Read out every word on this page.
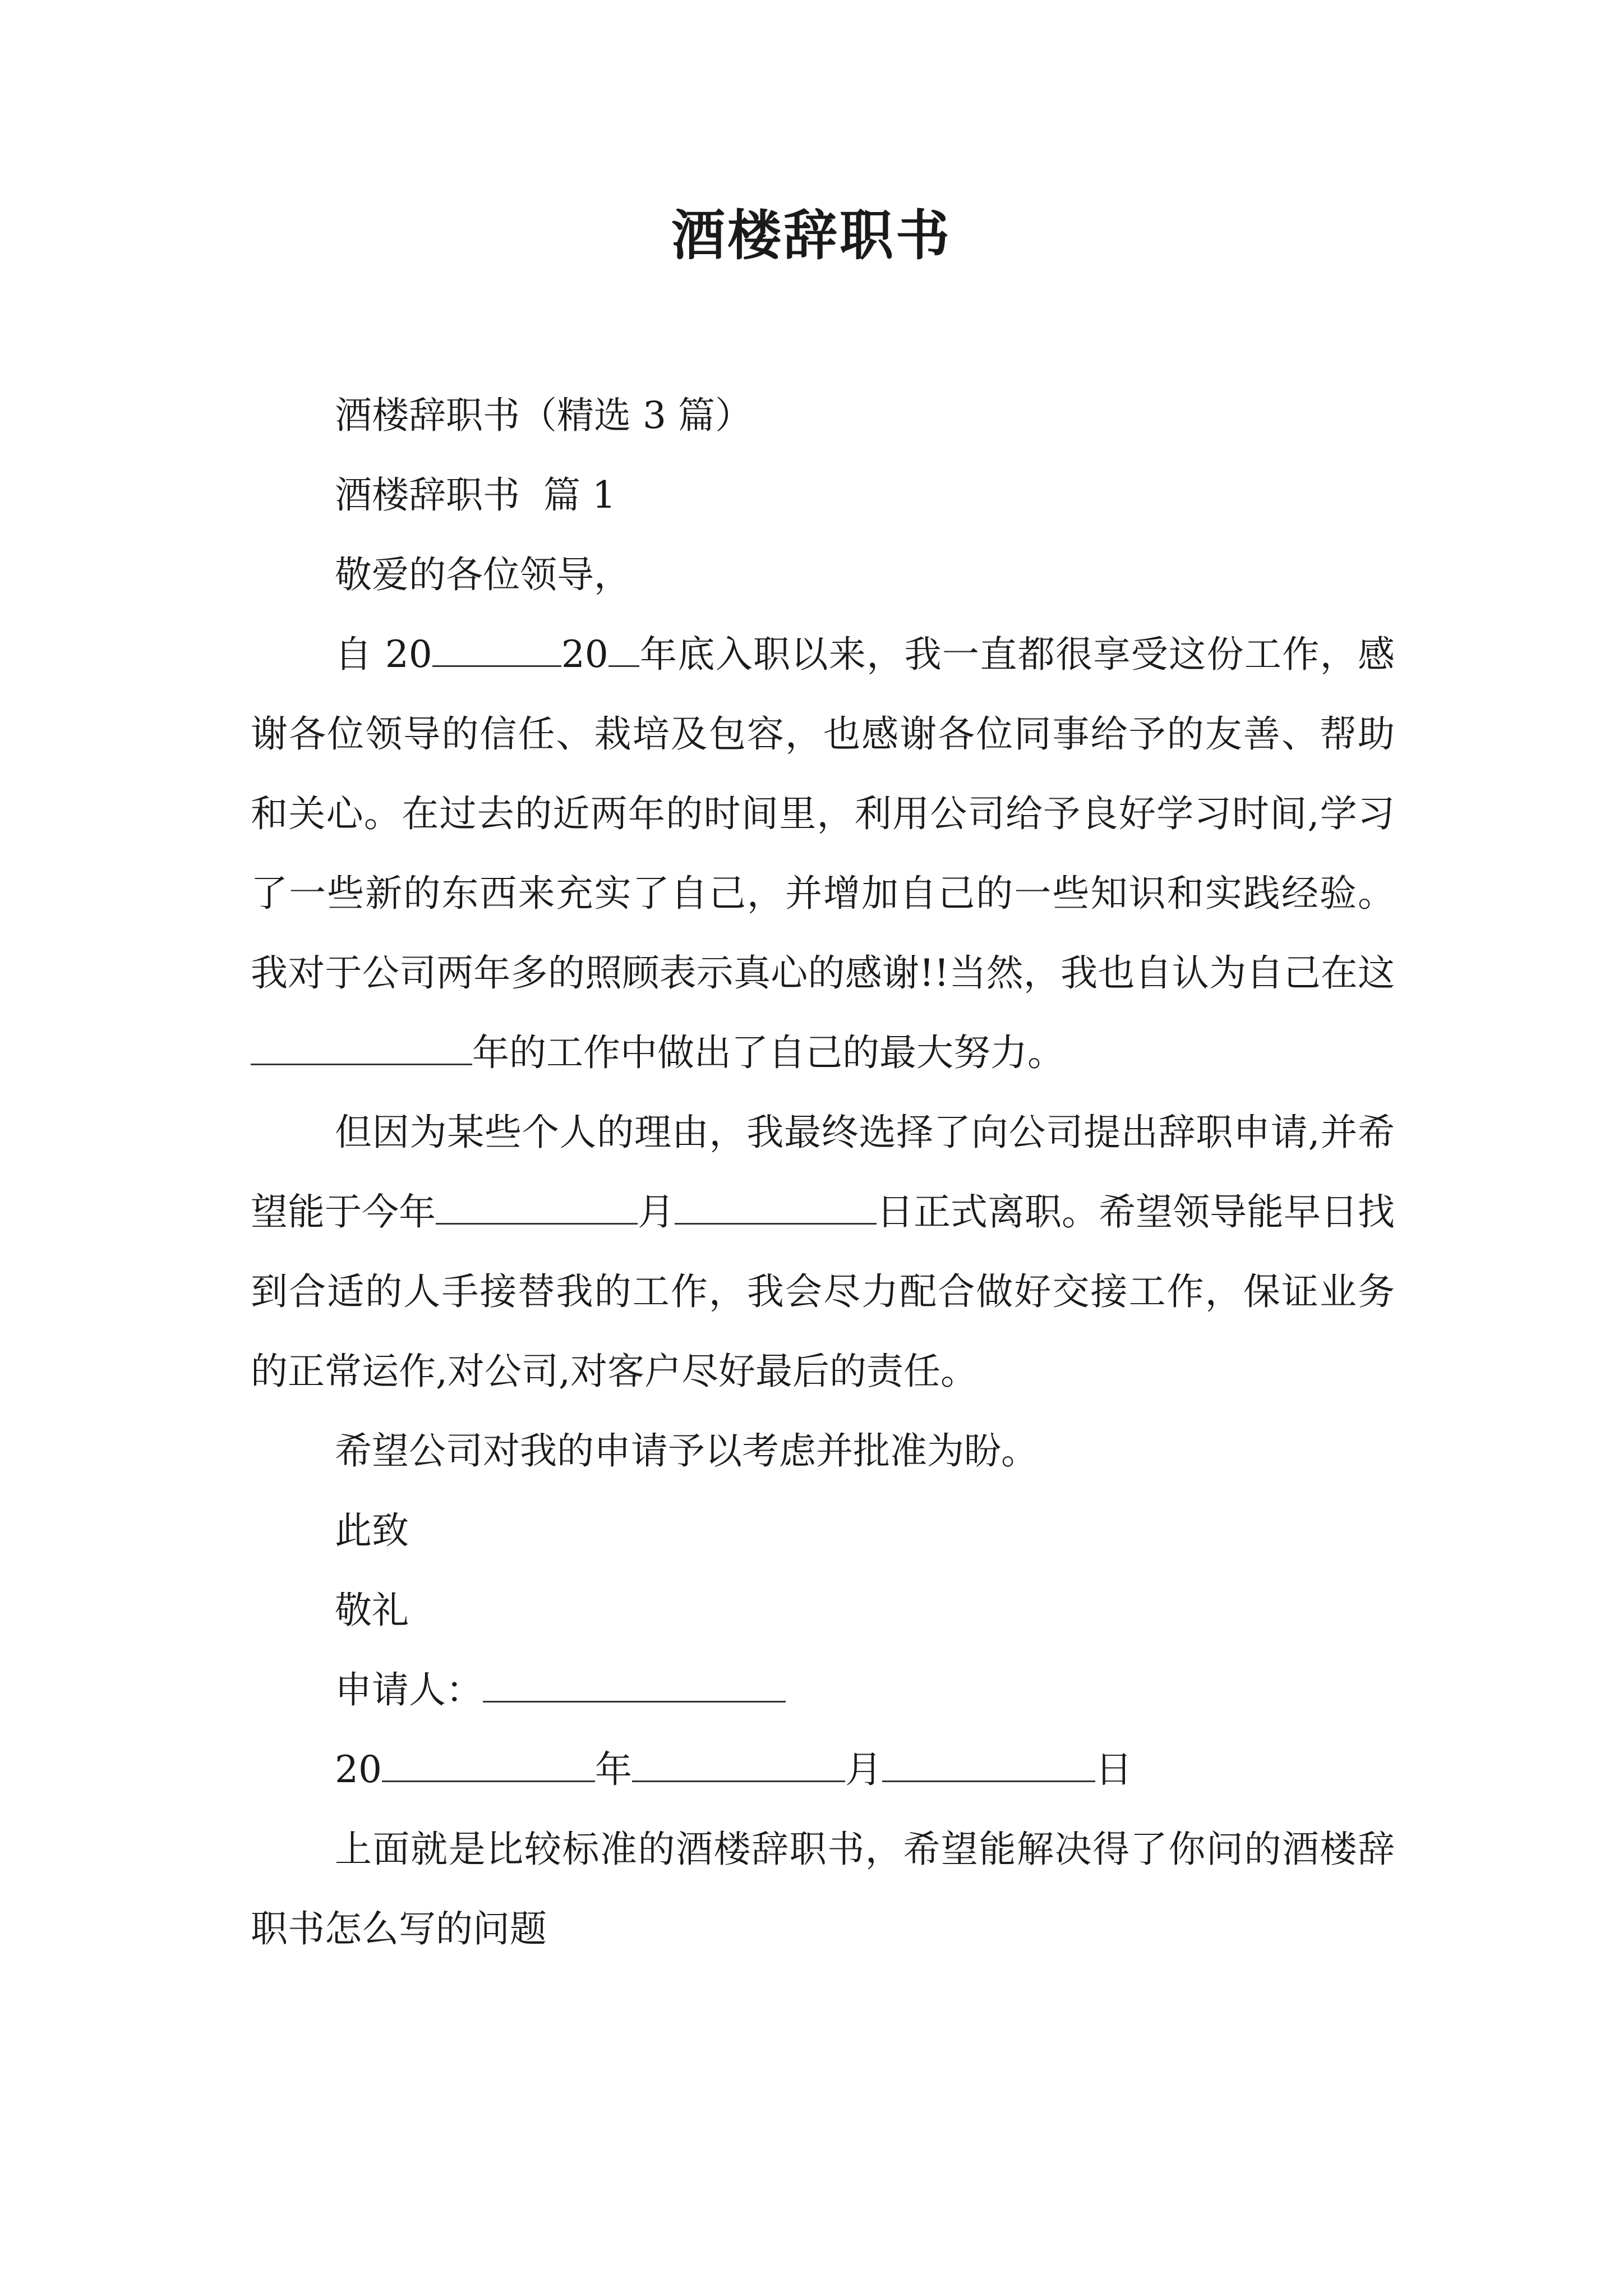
酒楼辞职书

酒楼辞职书（精选 3 篇）

酒楼辞职书  篇 1

敬爱的各位领导，

自 20	20 年底入职以来，我一直都很享受这份工作，感谢各位领导的信任、栽培及包容，也感谢各位同事给予的友善、帮助和关心。在过去的近两年的时间里，利用公司给予良好学习时间,学习了一些新的东西来充实了自己，并增加自己的一些知识和实践经验。我对于公司两年多的照顾表示真心的感谢!!当然，我也自认为自己在这年的工作中做出了自己的最大努力。

但因为某些个人的理由，我最终选择了向公司提出辞职申请,并希望能于今年	月	日正式离职。希望领导能早日找到合适的人手接替我的工作，我会尽力配合做好交接工作，保证业务的正常运作,对公司,对客户尽好最后的责任。

希望公司对我的申请予以考虑并批准为盼。

此致

敬礼

申请人：

20	年	月	日

上面就是比较标准的酒楼辞职书，希望能解决得了你问的酒楼辞职书怎么写的问题
